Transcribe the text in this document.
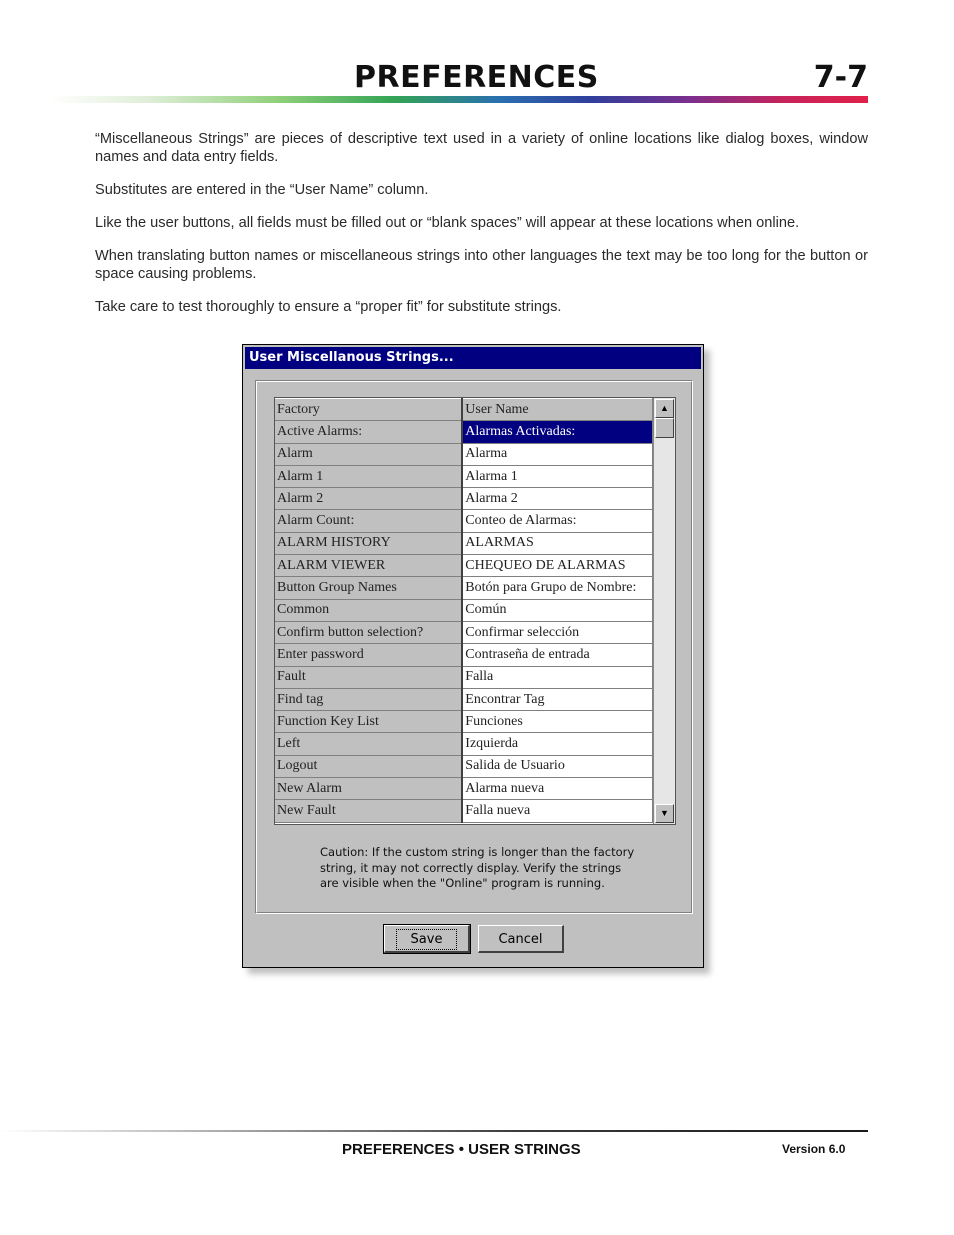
PREFERENCES	7-7

“Miscellaneous Strings” are pieces of descriptive text used in a variety of online locations like dialog boxes, window names and data entry fields.

Substitutes are entered in the “User Name” column.

Like the user buttons, all fields must be filled out or “blank spaces” will appear at these locations when online.

When translating button names or miscellaneous strings into other languages the text may be too long for the button or space causing problems.

Take care to test thoroughly to ensure a “proper fit” for substitute strings.

User Miscellanous Strings...
Factory	User Name
Active Alarms:	Alarmas Activadas:
Alarm	Alarma
Alarm 1	Alarma 1
Alarm 2	Alarma 2
Alarm Count:	Conteo de Alarmas:
ALARM HISTORY	ALARMAS
ALARM VIEWER	CHEQUEO DE ALARMAS
Button Group Names	Botón para Grupo de Nombre:
Common	Común
Confirm button selection?	Confirmar selección
Enter password	Contraseña de entrada
Fault	Falla
Find tag	Encontrar Tag
Function Key List	Funciones
Left	Izquierda
Logout	Salida de Usuario
New Alarm	Alarma nueva
New Fault	Falla nueva
▲
▼
Caution: If the custom string is longer than the factory string, it may not correctly display. Verify the strings are visible when the "Online" program is running.
Save	Cancel
PREFERENCES • USER STRINGS	Version 6.0
